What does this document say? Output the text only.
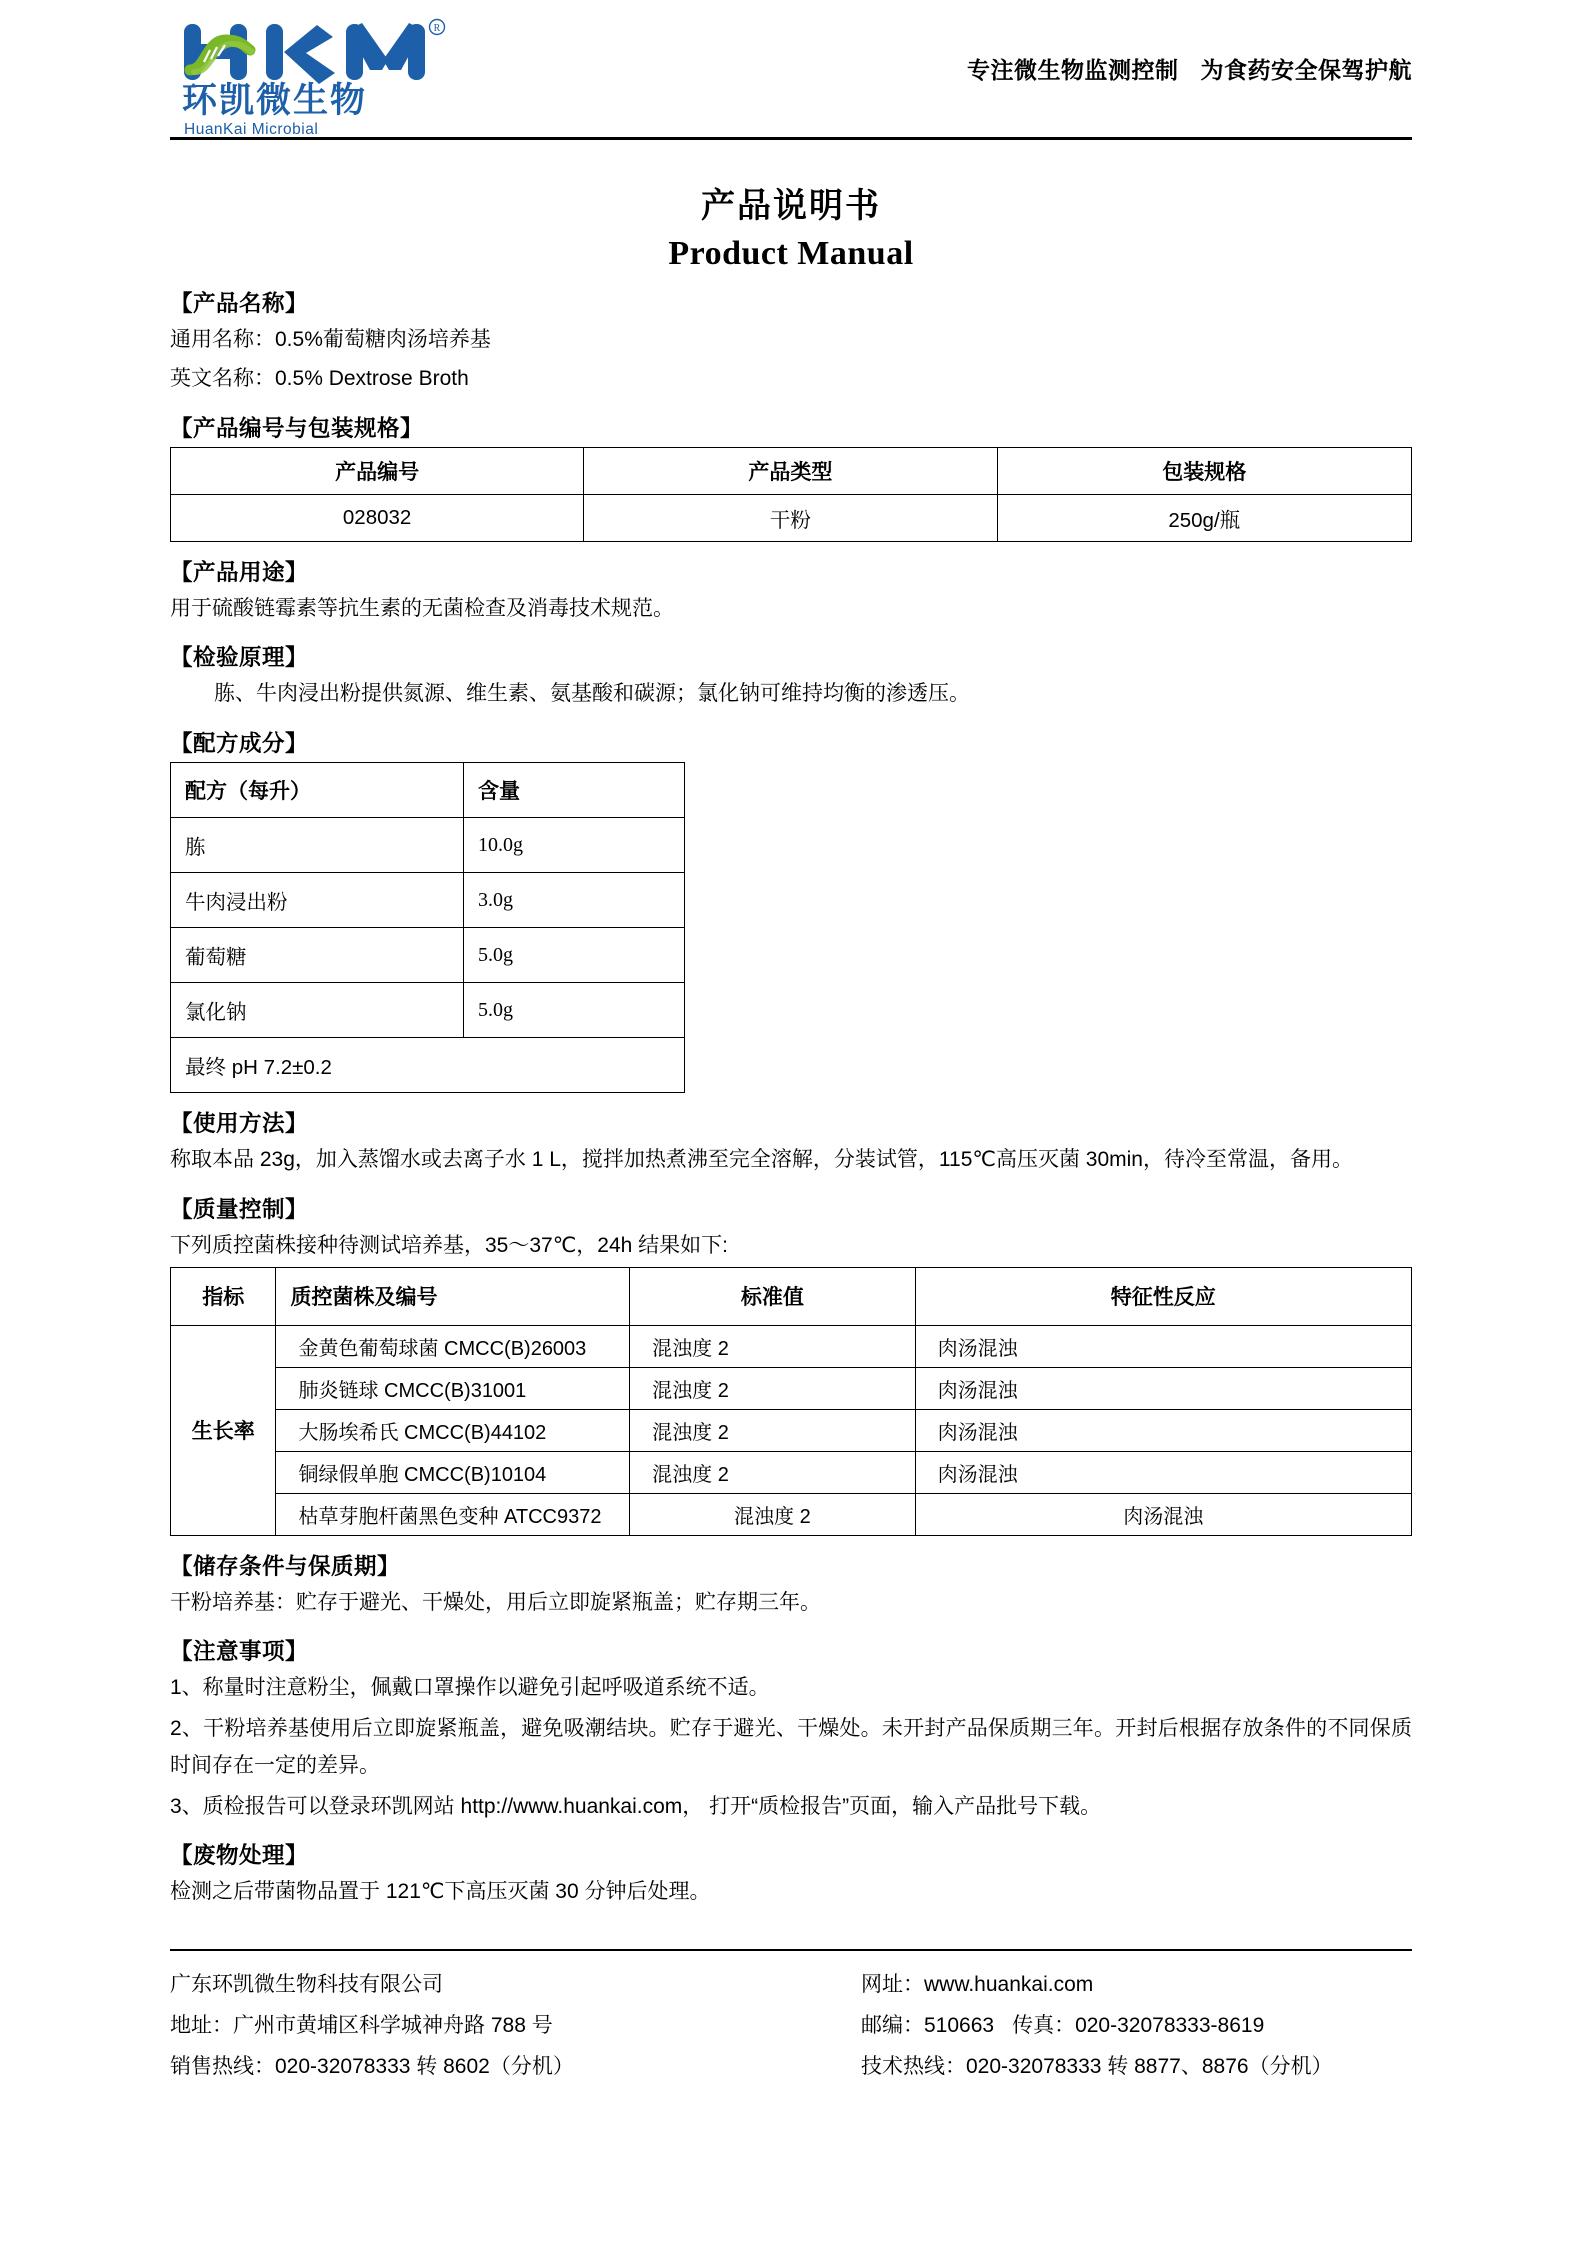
R
环凯微生物
HuanKai Microbial
专注微生物监测控制 为食药安全保驾护航
产品说明书
Product Manual
【产品名称】
通用名称：0.5%葡萄糖肉汤培养基
英文名称：0.5% Dextrose Broth
【产品编号与包装规格】
产品编号	产品类型	包装规格
028032	干粉	250g/瓶
【产品用途】
用于硫酸链霉素等抗生素的无菌检查及消毒技术规范。
【检验原理】
胨、牛肉浸出粉提供氮源、维生素、氨基酸和碳源；氯化钠可维持均衡的渗透压。
【配方成分】
配方（每升）	含量
胨	10.0g
牛肉浸出粉	3.0g
葡萄糖	5.0g
氯化钠	5.0g
最终 pH 7.2±0.2	
【使用方法】
称取本品 23g，加入蒸馏水或去离子水 1 L，搅拌加热煮沸至完全溶解，分装试管，115℃高压灭菌 30min，待冷至常温，备用。
【质量控制】
下列质控菌株接种待测试培养基，35～37℃，24h 结果如下:
指标	质控菌株及编号	标准值	特征性反应
生长率	金黄色葡萄球菌 CMCC(B)26003	混浊度 2	肉汤混浊
	肺炎链球 CMCC(B)31001	混浊度 2	肉汤混浊
	大肠埃希氏 CMCC(B)44102	混浊度 2	肉汤混浊
	铜绿假单胞 CMCC(B)10104	混浊度 2	肉汤混浊
	枯草芽胞杆菌黑色变种 ATCC9372	混浊度 2	肉汤混浊
【储存条件与保质期】
干粉培养基：贮存于避光、干燥处，用后立即旋紧瓶盖；贮存期三年。
【注意事项】
1、称量时注意粉尘，佩戴口罩操作以避免引起呼吸道系统不适。
2、干粉培养基使用后立即旋紧瓶盖，避免吸潮结块。贮存于避光、干燥处。未开封产品保质期三年。开封后根据存放条件的不同保质时间存在一定的差异。
3、质检报告可以登录环凯网站 http://www.huankai.com， 打开“质检报告”页面，输入产品批号下载。
【废物处理】
检测之后带菌物品置于 121℃下高压灭菌 30 分钟后处理。
广东环凯微生物科技有限公司
地址：广州市黄埔区科学城神舟路 788 号
销售热线：020-32078333 转 8602（分机）
网址：www.huankai.com
邮编：510663 传真：020-32078333-8619
技术热线：020-32078333 转 8877、8876（分机）
